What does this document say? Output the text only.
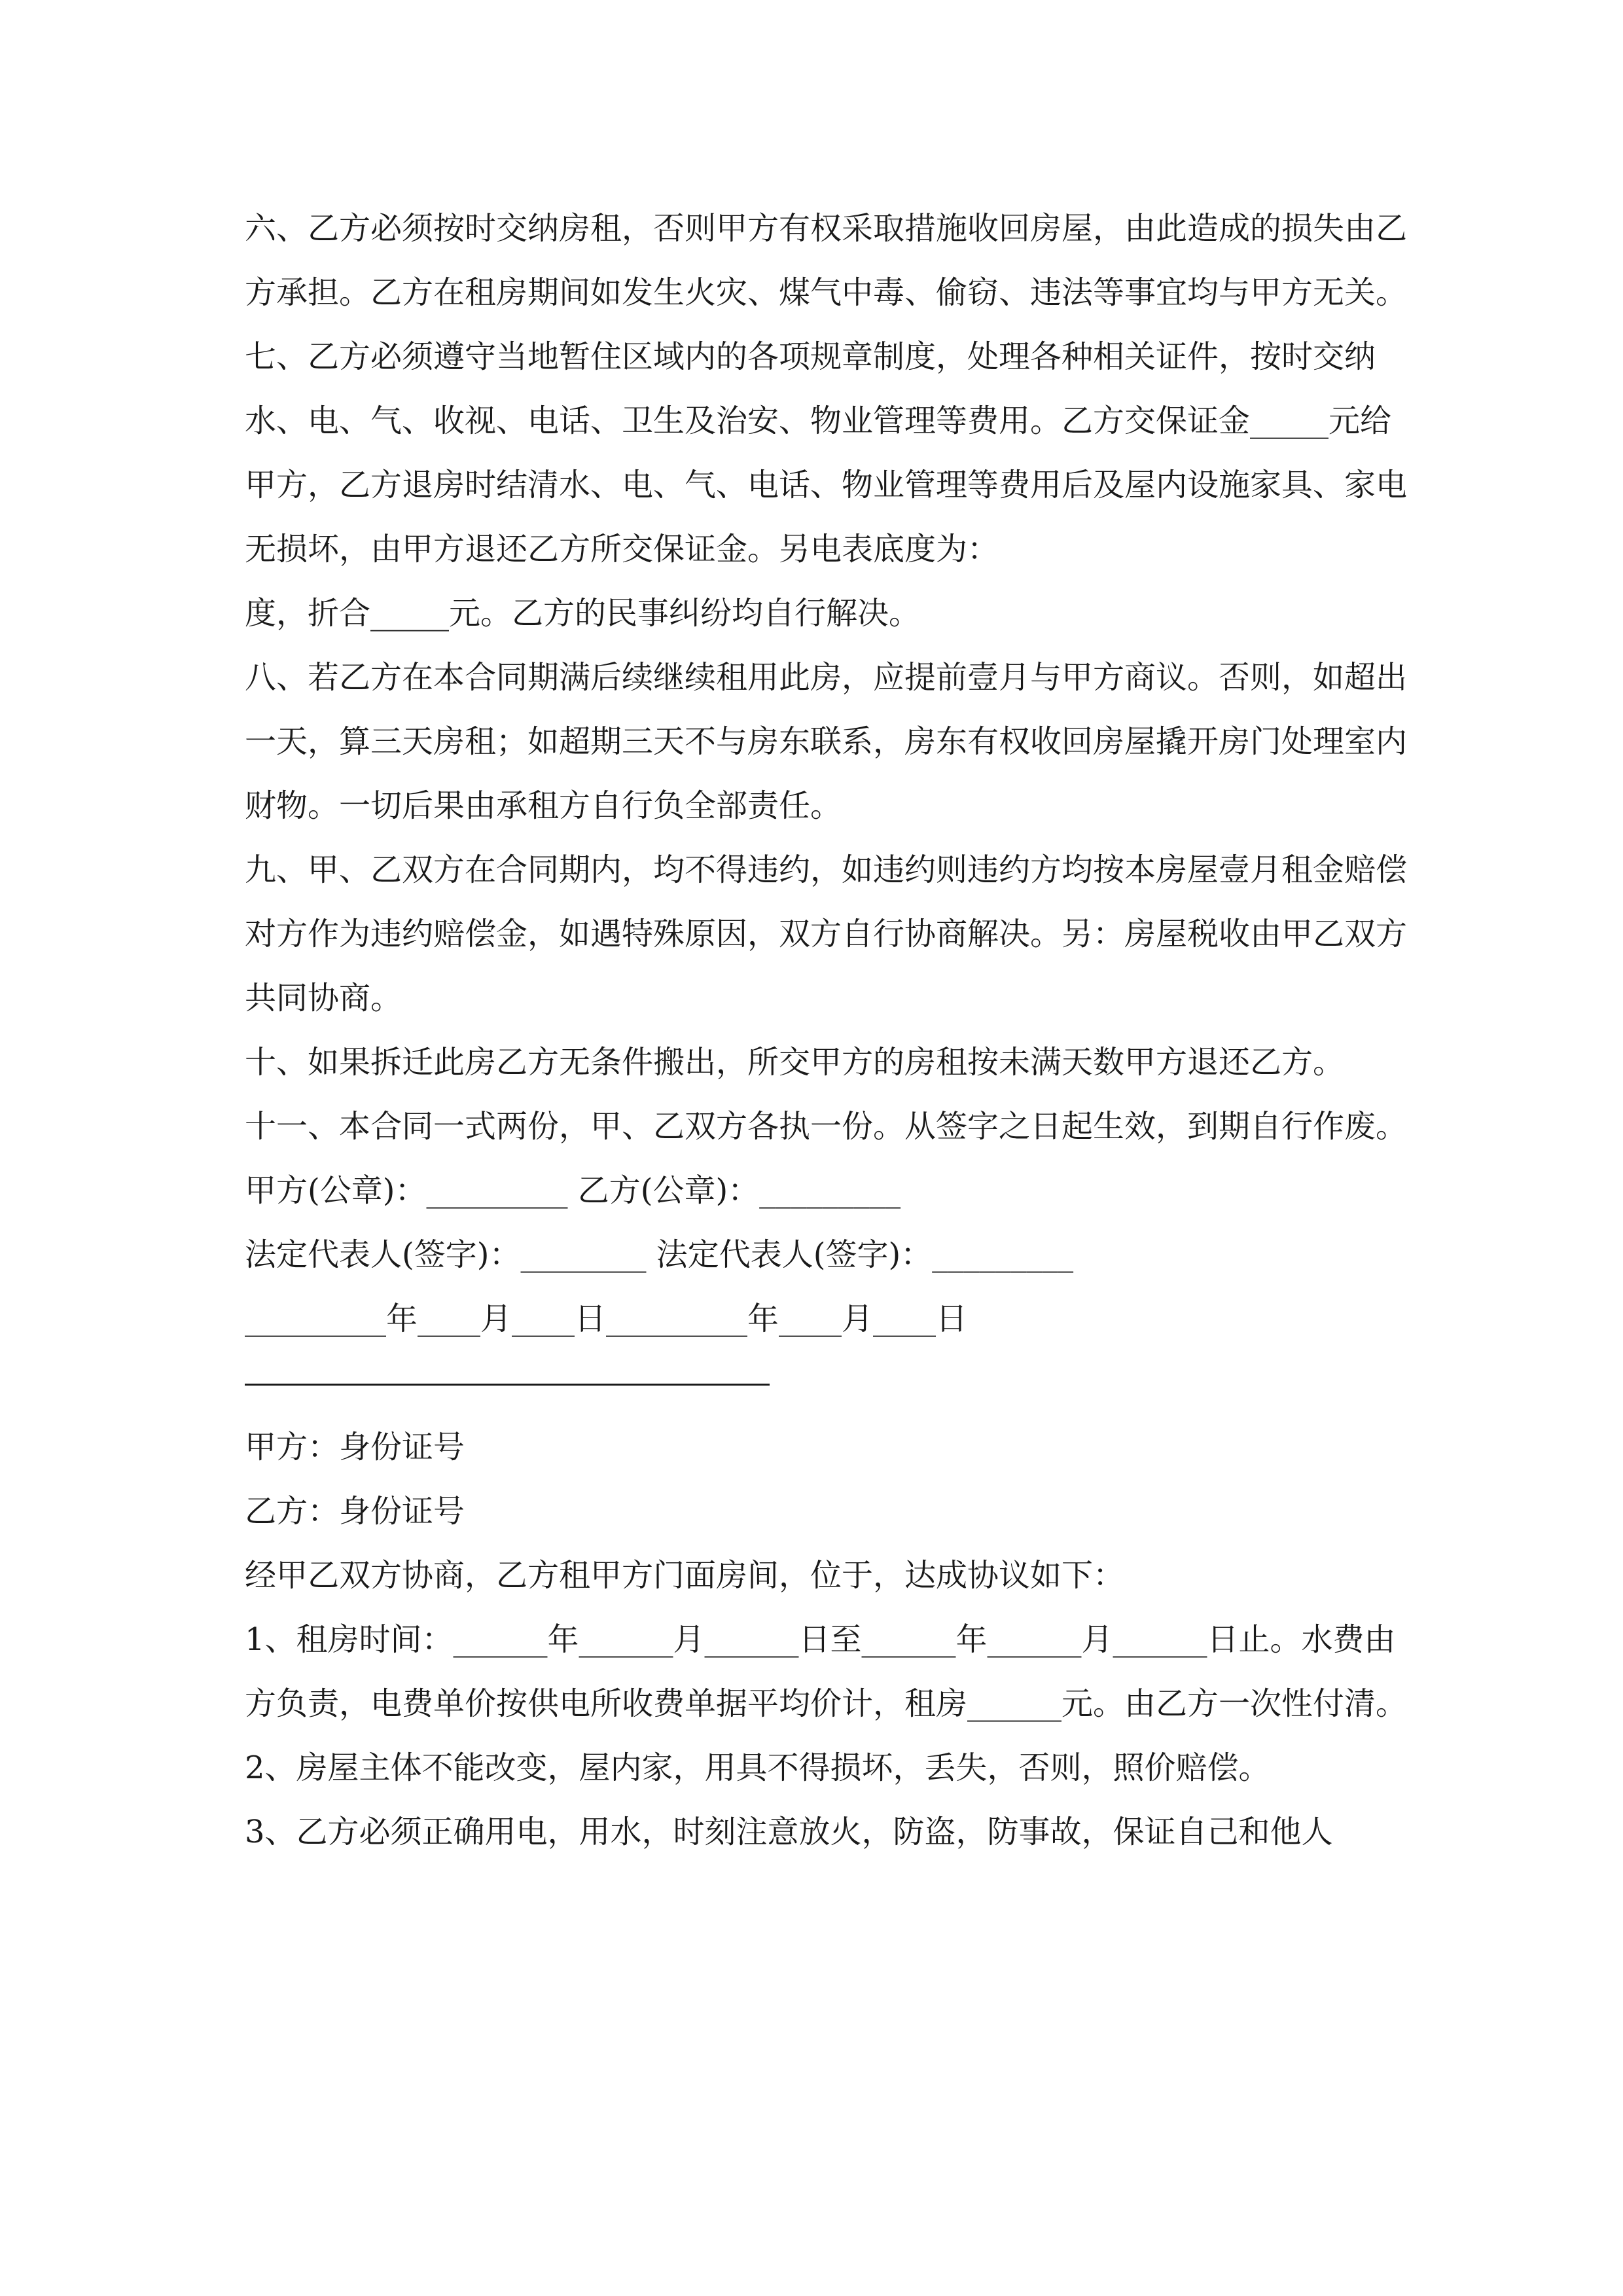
六、乙方必须按时交纳房租，否则甲方有权采取措施收回房屋，由此造成的损失由乙方承担。乙方在租房期间如发生火灾、煤气中毒、偷窃、违法等事宜均与甲方无关。

七、乙方必须遵守当地暂住区域内的各项规章制度，处理各种相关证件，按时交纳水、电、气、收视、电话、卫生及治安、物业管理等费用。乙方交保证金_____元给甲方，乙方退房时结清水、电、气、电话、物业管理等费用后及屋内设施家具、家电无损坏，由甲方退还乙方所交保证金。另电表底度为：

度，折合_____元。乙方的民事纠纷均自行解决。

八、若乙方在本合同期满后续继续租用此房，应提前壹月与甲方商议。否则，如超出一天，算三天房租；如超期三天不与房东联系，房东有权收回房屋撬开房门处理室内财物。一切后果由承租方自行负全部责任。

九、甲、乙双方在合同期内，均不得违约，如违约则违约方均按本房屋壹月租金赔偿对方作为违约赔偿金，如遇特殊原因，双方自行协商解决。另：房屋税收由甲乙双方共同协商。

十、如果拆迁此房乙方无条件搬出，所交甲方的房租按未满天数甲方退还乙方。

十一、本合同一式两份，甲、乙双方各执一份。从签字之日起生效，到期自行作废。

甲方(公章)：_________ 乙方(公章)：_________

法定代表人(签字)：________ 法定代表人(签字)：_________

_________年____月____日_________年____月____日

甲方：身份证号

乙方：身份证号

经甲乙双方协商，乙方租甲方门面房间，位于，达成协议如下：

1、租房时间：______年______月______日至______年______月______日止。水费由方负责，电费单价按供电所收费单据平均价计，租房______元。由乙方一次性付清。

2、房屋主体不能改变，屋内家，用具不得损坏，丢失，否则，照价赔偿。

3、乙方必须正确用电，用水，时刻注意放火，防盗，防事故，保证自己和他人
